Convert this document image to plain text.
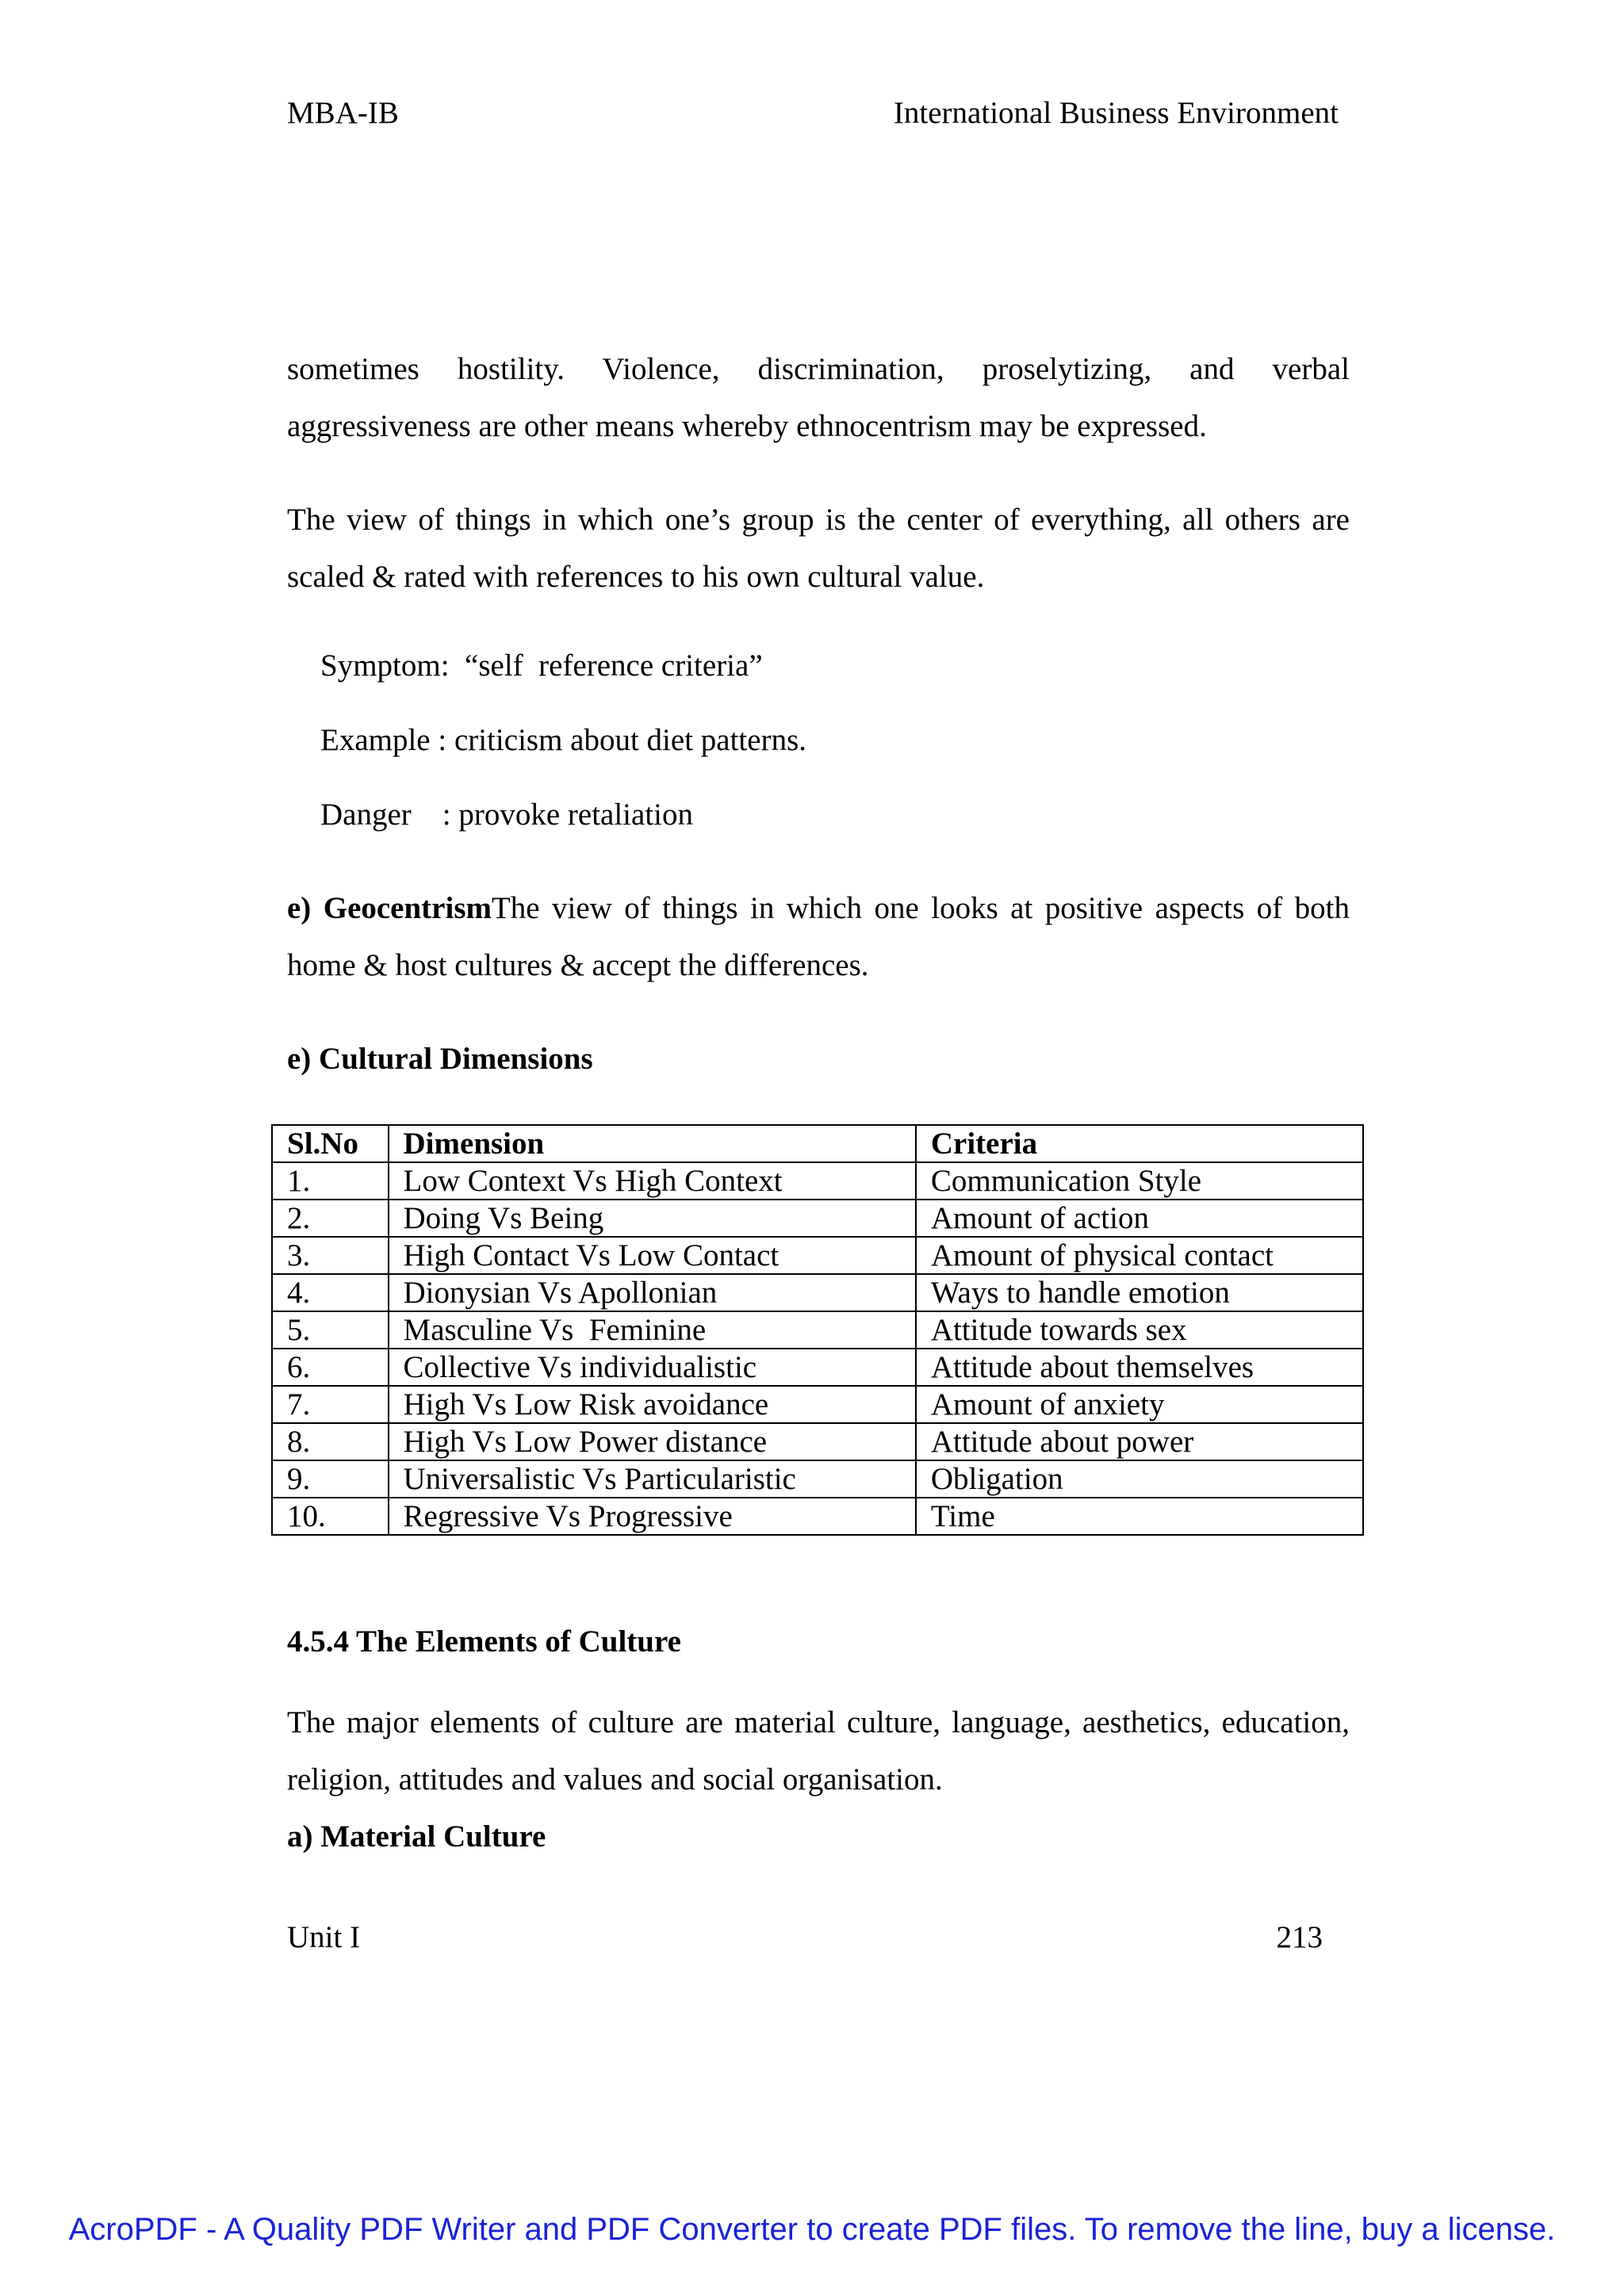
MBA-IB	International Business Environment

sometimes hostility. Violence, discrimination, proselytizing, and verbal aggressiveness are other means whereby ethnocentrism may be expressed.

The view of things in which one’s group is the center of everything, all others are scaled & rated with references to his own cultural value.

Symptom:  “self  reference criteria”

Example : criticism about diet patterns.

Danger    : provoke retaliation

e) GeocentrismThe view of things in which one looks at positive aspects of both home & host cultures & accept the differences.

e) Cultural Dimensions

Sl.No	Dimension	Criteria
1.	Low Context Vs High Context	Communication Style
2.	Doing Vs Being	Amount of action
3.	High Contact Vs Low Contact	Amount of physical contact
4.	Dionysian Vs Apollonian	Ways to handle emotion
5.	Masculine Vs  Feminine	Attitude towards sex
6.	Collective Vs individualistic	Attitude about themselves
7.	High Vs Low Risk avoidance	Amount of anxiety
8.	High Vs Low Power distance	Attitude about power
9.	Universalistic Vs Particularistic	Obligation
10.	Regressive Vs Progressive	Time

4.5.4 The Elements of Culture

The major elements of culture are material culture, language, aesthetics, education, religion, attitudes and values and social organisation.

a) Material Culture

Unit I	213
AcroPDF - A Quality PDF Writer and PDF Converter to create PDF files. To remove the line, buy a license.
